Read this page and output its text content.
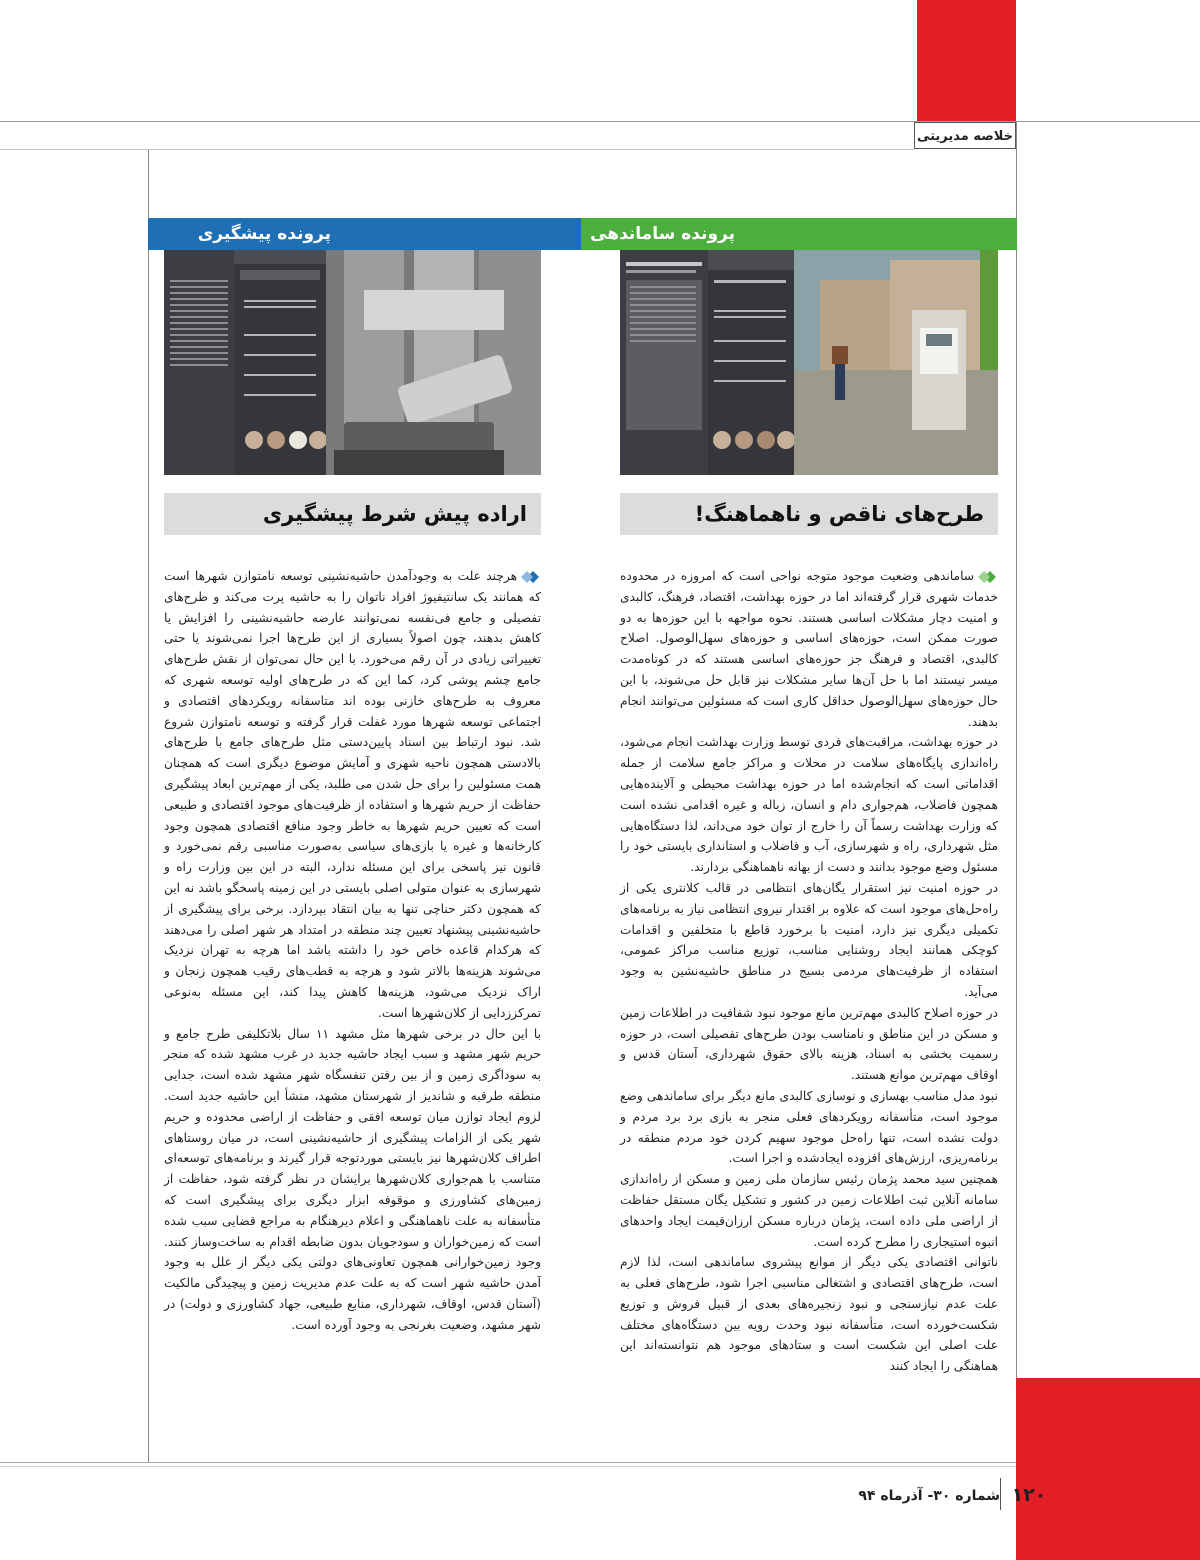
خلاصه مدیریتی
پرونده ساماندهی
پرونده پیشگیری
طرح‌های ناقص و ناهماهنگ!
اراده پیش شرط پیشگیری

ساماندهی وضعیت موجود متوجه نواحی است که امروزه در محدوده خدمات شهری قرار گرفته‌اند اما در حوزه بهداشت، اقتصاد، فرهنگ، کالبدی و امنیت دچار مشکلات اساسی هستند. نحوه مواجهه با این حوزه‌ها به دو صورت ممکن است، حوزه‌های اساسی و حوزه‌های سهل‌الوصول. اصلاح کالبدی، اقتصاد و فرهنگ جز حوزه‌های اساسی هستند که در کوتاه‌مدت میسر نیستند اما با حل آن‌ها سایر مشکلات نیز قابل حل می‌شوند، با این حال حوزه‌های سهل‌الوصول حداقل کاری است که مسئولین می‌توانند انجام بدهند.

در حوزه بهداشت، مراقبت‌های فردی توسط وزارت بهداشت انجام می‌شود، راه‌اندازی پایگاه‌های سلامت در محلات و مراکز جامع سلامت از جمله اقداماتی است که انجام‌شده اما در حوزه بهداشت محیطی و آلاینده‌هایی همچون فاضلاب، هم‌جواری دام و انسان، زباله و غیره اقدامی نشده است که وزارت بهداشت رسماً آن را خارج از توان خود می‌داند، لذا دستگاه‌هایی مثل شهرداری، راه و شهرسازی، آب و فاضلاب و استانداری بایستی خود را مسئول وضع موجود بدانند و دست از بهانه ناهماهنگی بردارند.

در حوزه امنیت نیز استقرار یگان‌های انتظامی در قالب کلانتری یکی از راه‌حل‌های موجود است که علاوه بر اقتدار نیروی انتظامی نیاز به برنامه‌های تکمیلی دیگری نیز دارد، امنیت با برخورد قاطع با متخلفین و اقدامات کوچکی همانند ایجاد روشنایی مناسب، توزیع مناسب مراکز عمومی، استفاده از ظرفیت‌های مردمی بسیج در مناطق حاشیه‌نشین به وجود می‌آید.

در حوزه اصلاح کالبدی مهم‌ترین مانع موجود نبود شفافیت در اطلاعات زمین و مسکن در این مناطق و نامناسب بودن طرح‌های تفصیلی است، در حوزه رسمیت بخشی به اسناد، هزینه بالای حقوق شهرداری، آستان قدس و اوقاف مهم‌ترین موانع هستند.

نبود مدل مناسب بهسازی و نوسازی کالبدی مانع دیگر برای ساماندهی وضع موجود است، متأسفانه رویکردهای فعلی منجر به بازی برد برد مردم و دولت نشده است، تنها راه‌حل موجود سهیم کردن خود مردم منطقه در برنامه‌ریزی، ارزش‌های افزوده ایجادشده و اجرا است.

همچنین سید محمد پژمان رئیس سازمان ملی زمین و مسکن از راه‌اندازی سامانه آنلاین ثبت اطلاعات زمین در کشور و تشکیل یگان مستقل حفاظت از اراضی ملی داده است، پژمان درباره مسکن ارزان‌قیمت ایجاد واحدهای انبوه استیجاری را مطرح کرده است.

ناتوانی اقتصادی یکی دیگر از موانع پیشروی ساماندهی است، لذا لازم است، طرح‌های اقتصادی و اشتغالی مناسبی اجرا شود، طرح‌های فعلی به علت عدم نیازسنجی و نبود زنجیره‌های بعدی از قبیل فروش و توزیع شکست‌خورده است، متأسفانه نبود وحدت رویه بین دستگاه‌های مختلف علت اصلی این شکست است و ستادهای موجود هم نتوانسته‌اند این هماهنگی را ایجاد کنند

هرچند علت به وجودآمدن حاشیه‌نشینی توسعه نامتوازن شهرها است که همانند یک سانتیفیوژ افراد ناتوان را به حاشیه پرت می‌کند و طرح‌های تفصیلی و جامع فی‌نفسه نمی‌توانند عارضه حاشیه‌نشینی را افزایش یا کاهش بدهند، چون اصولاً بسیاری از این طرح‌ها اجرا نمی‌شوند یا حتی تغییراتی زیادی در آن رقم می‌خورد. با این حال نمی‌توان از نقش طرح‌های جامع چشم پوشی کرد، کما این که در طرح‌های اولیه توسعه شهری که معروف به طرح‌های خازنی بوده اند متاسفانه رویکردهای اقتصادی و اجتماعی توسعه شهرها مورد غفلت قرار گرفته و توسعه نامتوازن شروع شد. نبود ارتباط بین اسناد پایین‌دستی مثل طرح‌های جامع با طرح‌های بالادستی همچون ناحیه شهری و آمایش موضوع دیگری است که همچنان همت مسئولین را برای حل شدن می طلبد، یکی از مهم‌ترین ابعاد پیشگیری حفاظت از حریم شهرها و استفاده از ظرفیت‌های موجود اقتصادی و طبیعی است که تعیین حریم شهرها به خاطر وجود منافع اقتصادی همچون وجود کارخانه‌ها و غیره یا بازی‌های سیاسی به‌صورت مناسبی رقم نمی‌خورد و قانون نیز پاسخی برای این مسئله ندارد، البته در این بین وزارت راه و شهرسازی به عنوان متولی اصلی بایستی در این زمینه پاسخگو باشد نه این که همچون دکتر حناچی تنها به بیان انتقاد بپردازد. برخی برای پیشگیری از حاشیه‌نشینی پیشنهاد تعیین چند منطقه در امتداد هر شهر اصلی را می‌دهند که هرکدام قاعده خاص خود را داشته باشد اما هرچه به تهران نزدیک می‌شوند هزینه‌ها بالاتر شود و هرچه به قطب‌های رقیب همچون زنجان و اراک نزدیک می‌شود، هزینه‌ها کاهش پیدا کند، این مسئله به‌نوعی تمرکززدایی از کلان‌شهرها است.

با این حال در برخی شهرها مثل مشهد ۱۱ سال بلاتکلیفی طرح جامع و حریم شهر مشهد و سبب ایجاد حاشیه جدید در غرب مشهد شده که منجر به سوداگری زمین و از بین رفتن تنفسگاه شهر مشهد شده است، جدایی منطقه طرقبه و شاندیز از شهرستان مشهد، منشأ این حاشیه جدید است. لزوم ایجاد توازن میان توسعه افقی و حفاظت از اراضی محدوده و حریم شهر یکی از الزامات پیشگیری از حاشیه‌نشینی است، در میان روستاهای اطراف کلان‌شهرها نیز بایستی موردتوجه قرار گیرند و برنامه‌های توسعه‌ای متناسب با هم‌جواری کلان‌شهرها برایشان در نظر گرفته شود، حفاظت از زمین‌های کشاورزی و موقوفه ابزار دیگری برای پیشگیری است که متأسفانه به علت ناهماهنگی و اعلام دیرهنگام به مراجع قضایی سبب شده است که زمین‌خواران و سودجویان بدون ضابطه اقدام به ساخت‌وساز کنند. وجود زمین‌خوارانی همچون تعاونی‌های دولتی یکی دیگر از علل به وجود آمدن حاشیه شهر است که به علت عدم مدیریت زمین و پیچیدگی مالکیت (آستان قدس، اوقاف، شهرداری، منابع طبیعی، جهاد کشاورزی و دولت) در شهر مشهد، وضعیت بغرنجی به وجود آورده است.

رصد
شماره ۳۰- آذرماه ۹۴ ۱۲۰
